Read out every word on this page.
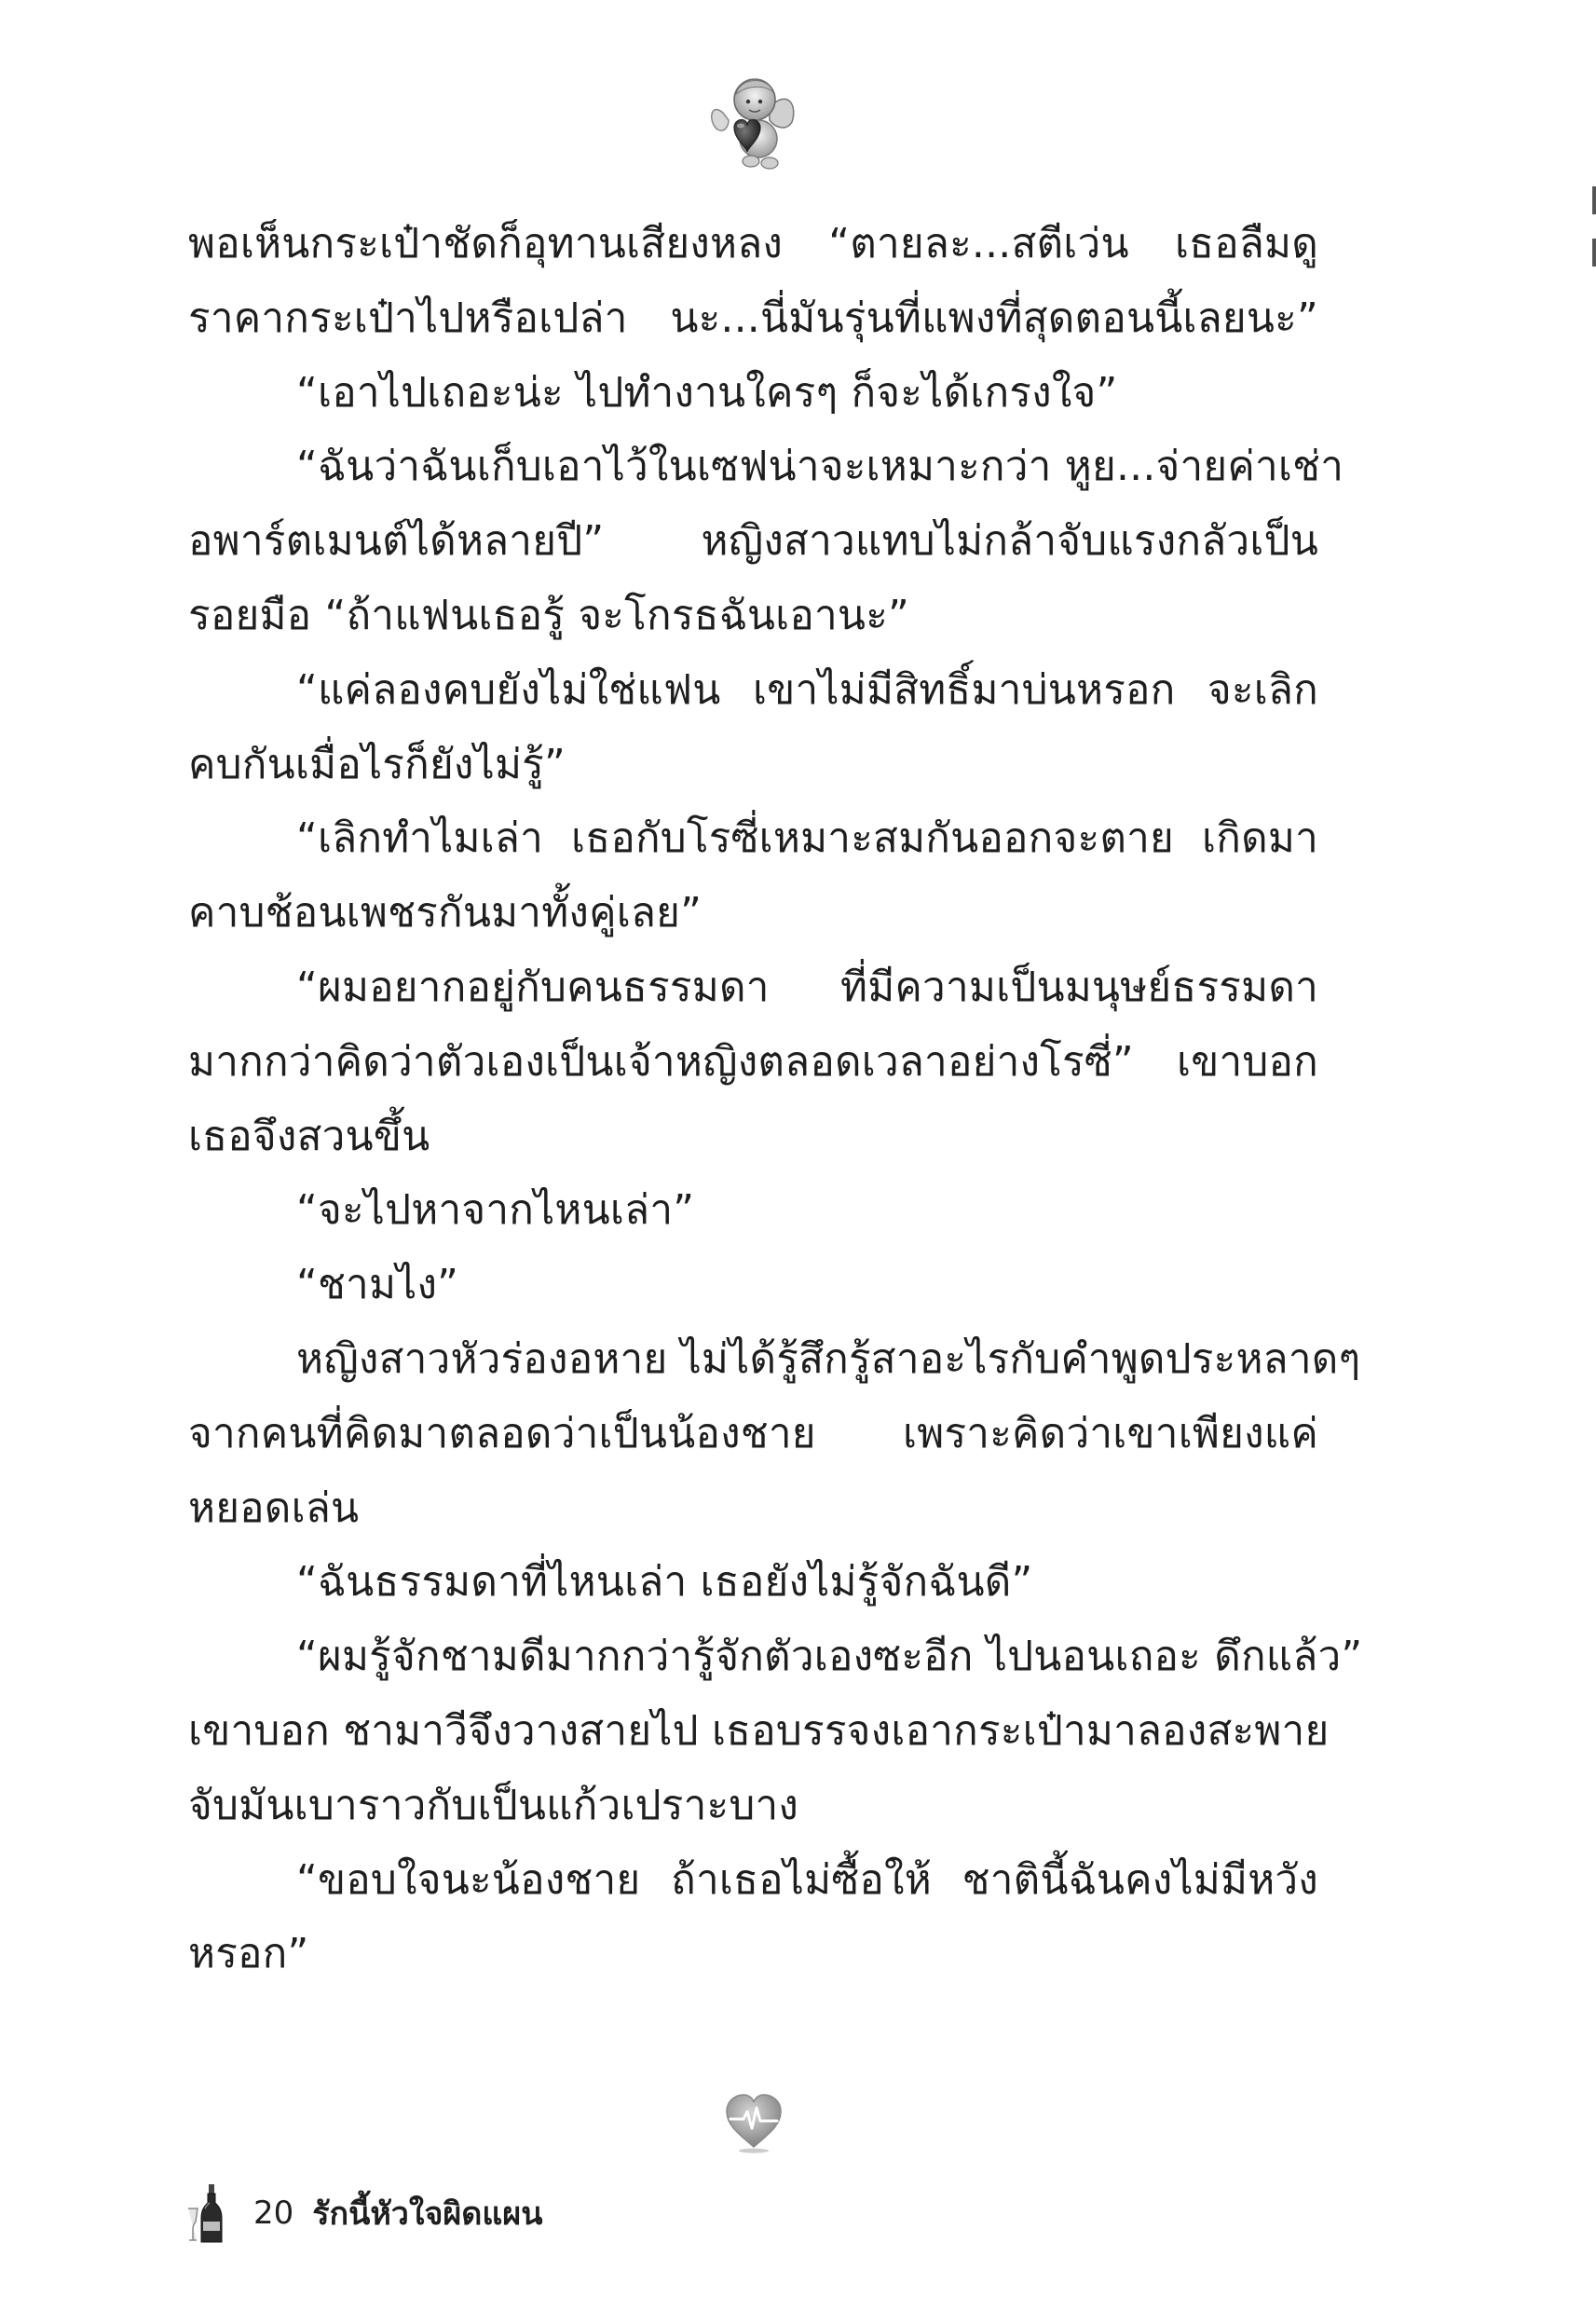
พอเห็นกระเป๋าชัดก็อุทานเสียงหลง “ตายละ...สตีเว่น เธอลืมดู
ราคากระเป๋าไปหรือเปล่า นะ...นี่มันรุ่นที่แพงที่สุดตอนนี้เลยนะ”
“เอาไปเถอะน่ะ ไปทำงานใครๆ ก็จะได้เกรงใจ”
“ฉันว่าฉันเก็บเอาไว้ในเซฟน่าจะเหมาะกว่า หูย...จ่ายค่าเช่า
อพาร์ตเมนต์ได้หลายปี” หญิงสาวแทบไม่กล้าจับแรงกลัวเป็น
รอยมือ “ถ้าแฟนเธอรู้ จะโกรธฉันเอานะ”
“แค่ลองคบยังไม่ใช่แฟน เขาไม่มีสิทธิ์มาบ่นหรอก จะเลิก
คบกันเมื่อไรก็ยังไม่รู้”
“เลิกทำไมเล่า เธอกับโรซี่เหมาะสมกันออกจะตาย เกิดมา
คาบช้อนเพชรกันมาทั้งคู่เลย”
“ผมอยากอยู่กับคนธรรมดา ที่มีความเป็นมนุษย์ธรรมดา
มากกว่าคิดว่าตัวเองเป็นเจ้าหญิงตลอดเวลาอย่างโรซี่” เขาบอก
เธอจึงสวนขึ้น
“จะไปหาจากไหนเล่า”
“ชามไง”
หญิงสาวหัวร่องอหาย ไม่ได้รู้สึกรู้สาอะไรกับคำพูดประหลาดๆ
จากคนที่คิดมาตลอดว่าเป็นน้องชาย เพราะคิดว่าเขาเพียงแค่
หยอดเล่น
“ฉันธรรมดาที่ไหนเล่า เธอยังไม่รู้จักฉันดี”
“ผมรู้จักชามดีมากกว่ารู้จักตัวเองซะอีก ไปนอนเถอะ ดึกแล้ว”
เขาบอก ชามาวีจึงวางสายไป เธอบรรจงเอากระเป๋ามาลองสะพาย
จับมันเบาราวกับเป็นแก้วเปราะบาง
“ขอบใจนะน้องชาย ถ้าเธอไม่ซื้อให้ ชาตินี้ฉันคงไม่มีหวัง
หรอก”
20 รักนี้หัวใจผิดแผน
